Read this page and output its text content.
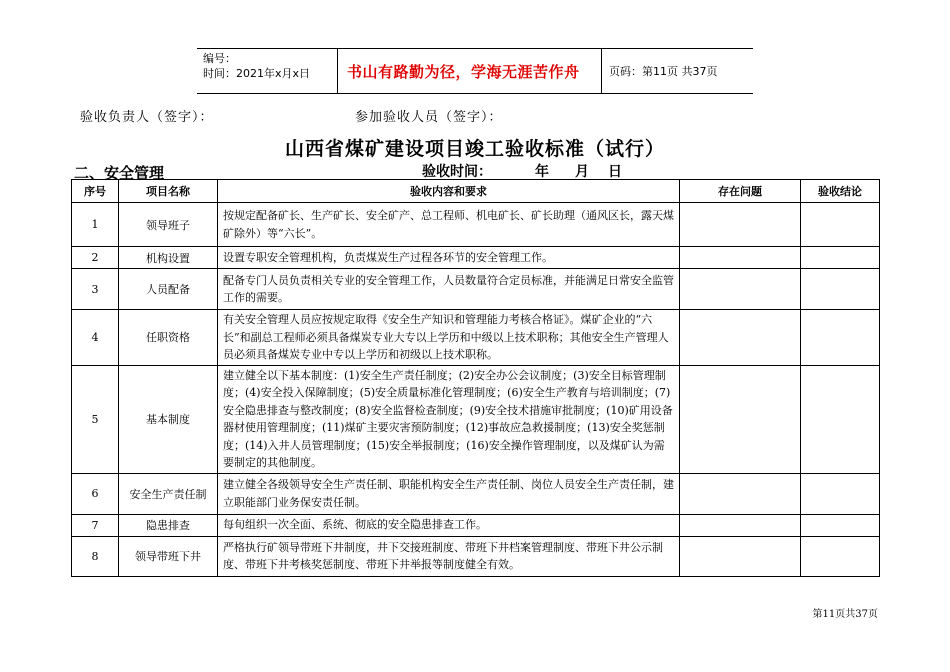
编号：
时间：2021年x月x日 书山有路勤为径，学海无涯苦作舟	页码：第11页 共37页
验收负责人（签字）：	参加验收人员（签字）：
山西省煤矿建设项目竣工验收标准（试行）
二、安全管理	验收时间：	年 月 日
序号	项目名称	验收内容和要求	存在问题	验收结论
1	领导班子	按规定配备矿长、生产矿长、安全矿产、总工程师、机电矿长、矿长助理（通风区长，露天煤矿除外）等“六长”。		
2	机构设置	设置专职安全管理机构，负责煤炭生产过程各环节的安全管理工作。		
3	人员配备	配备专门人员负责相关专业的安全管理工作，人员数量符合定员标准，并能满足日常安全监管工作的需要。		
4	任职资格	有关安全管理人员应按规定取得《安全生产知识和管理能力考核合格证》。煤矿企业的“六长”和副总工程师必须具备煤炭专业大专以上学历和中级以上技术职称；其他安全生产管理人员必须具备煤炭专业中专以上学历和初级以上技术职称。		
5	基本制度	建立健全以下基本制度：(1)安全生产责任制度；(2)安全办公会议制度；(3)安全目标管理制度；(4)安全投入保障制度；(5)安全质量标准化管理制度；(6)安全生产教育与培训制度；(7)安全隐患排查与整改制度；(8)安全监督检查制度；(9)安全技术措施审批制度；(10)矿用设备器材使用管理制度；(11)煤矿主要灾害预防制度；(12)事故应急救援制度；(13)安全奖惩制度；(14)入井人员管理制度；(15)安全举报制度；(16)安全操作管理制度，以及煤矿认为需要制定的其他制度。		
6	安全生产责任制	建立健全各级领导安全生产责任制、职能机构安全生产责任制、岗位人员安全生产责任制，建立职能部门业务保安责任制。		
7	隐患排查	每旬组织一次全面、系统、彻底的安全隐患排查工作。		
8	领导带班下井	严格执行矿领导带班下井制度，井下交接班制度、带班下井档案管理制度、带班下井公示制度、带班下井考核奖惩制度、带班下井举报等制度健全有效。		
第11页共37页
